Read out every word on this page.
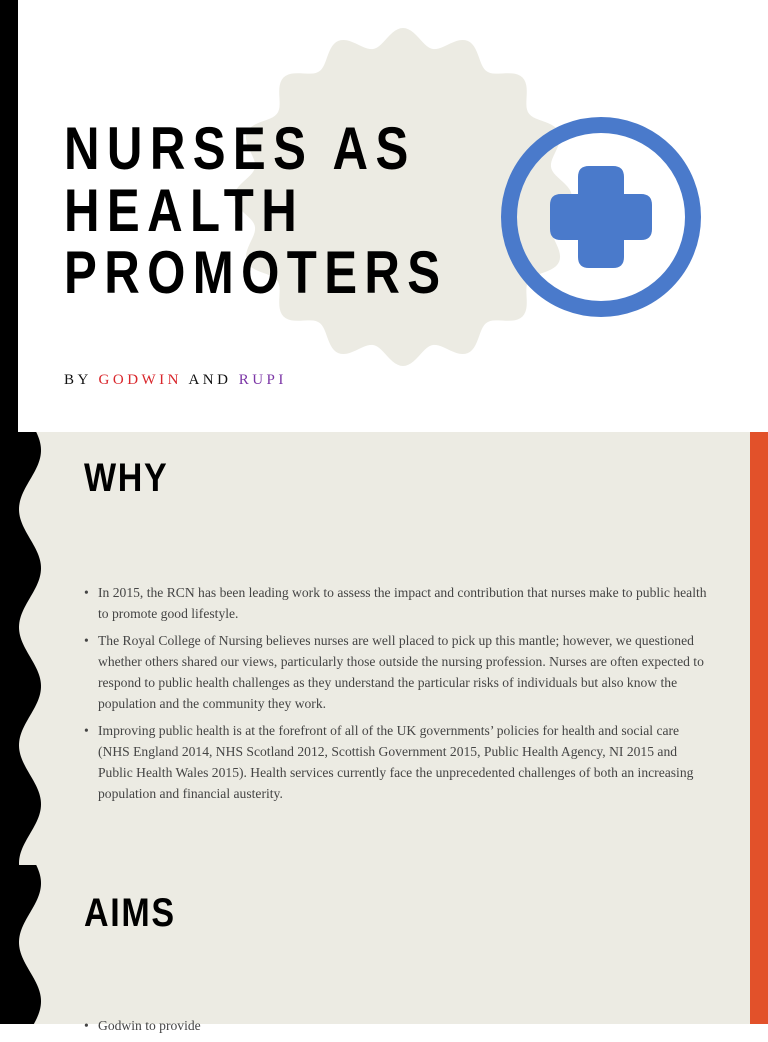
NURSES AS
HEALTH
PROMOTERS
BY GODWIN AND RUPI
WHY
• In 2015, the RCN has been leading work to assess the impact and contribution that nurses make to public health to promote good lifestyle.
• The Royal College of Nursing believes nurses are well placed to pick up this mantle; however, we questioned whether others shared our views, particularly those outside the nursing profession. Nurses are often expected to respond to public health challenges as they understand the particular risks of individuals but also know the population and the community they work.
• Improving public health is at the forefront of all of the UK governments’ policies for health and social care (NHS England 2014, NHS Scotland 2012, Scottish Government 2015, Public Health Agency, NI 2015 and Public Health Wales 2015). Health services currently face the unprecedented challenges of both an increasing population and financial austerity.
AIMS
• Godwin to provide
